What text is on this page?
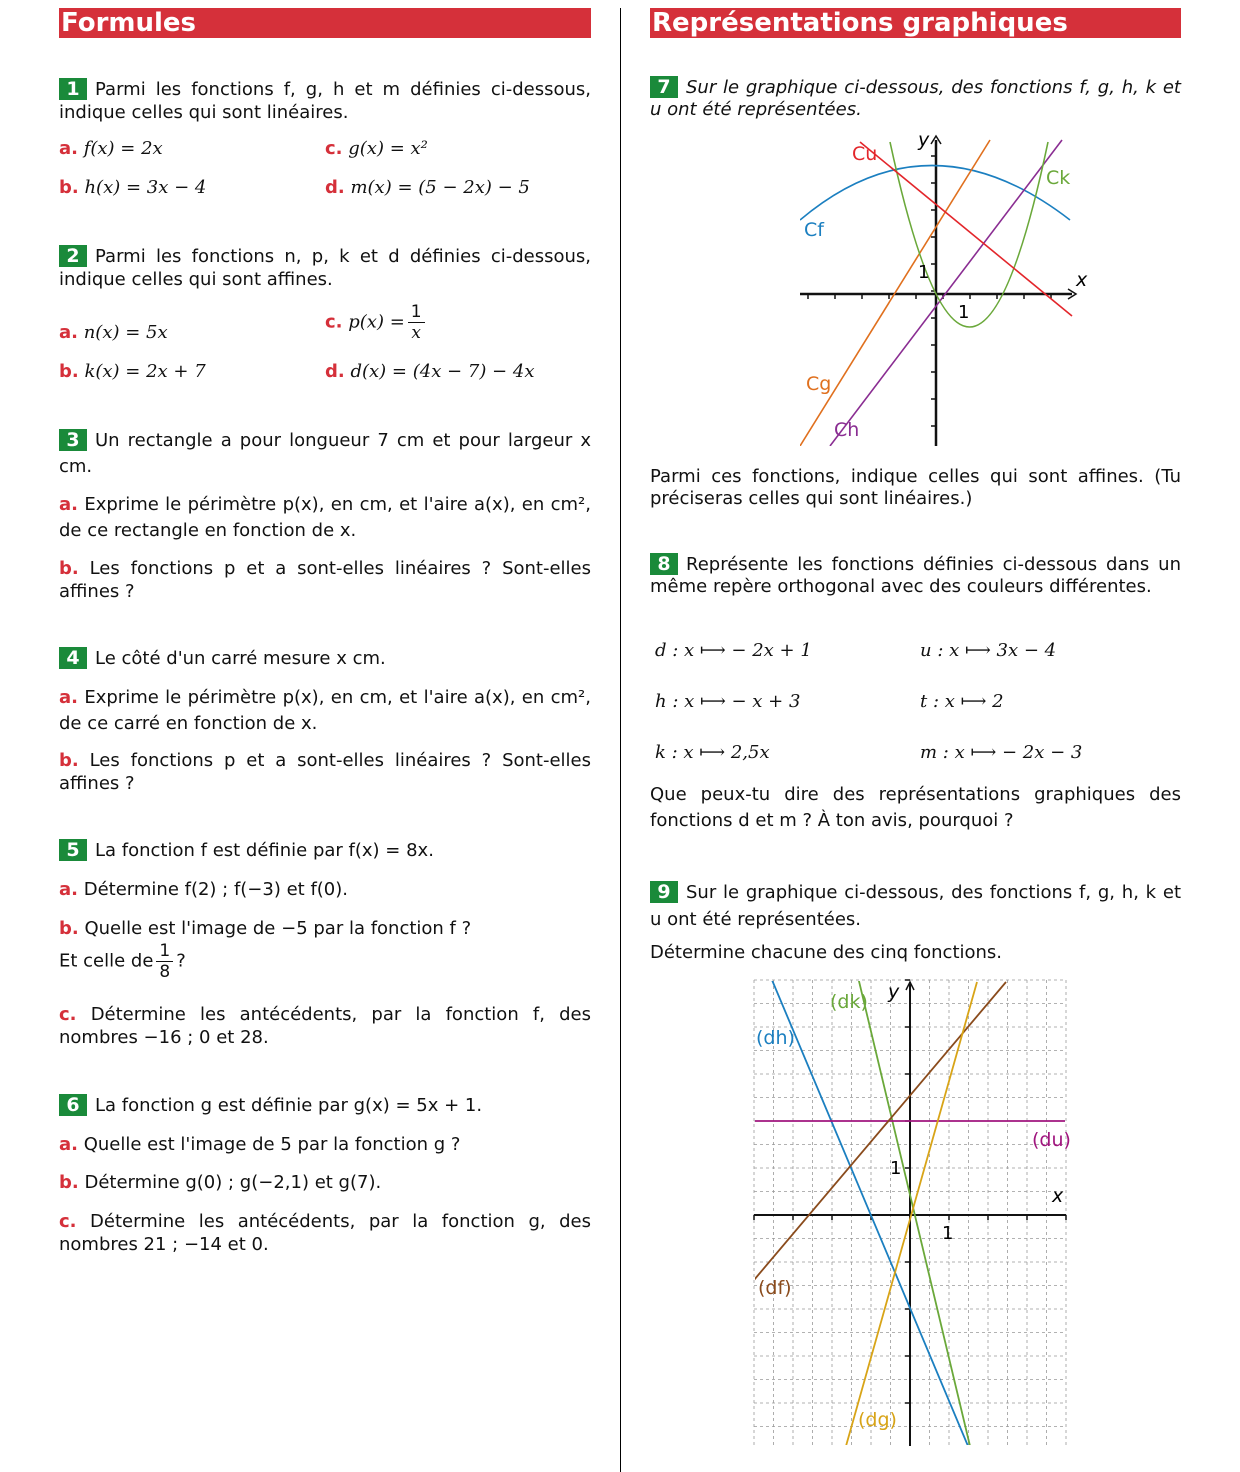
Formules	Représentations graphiques
1 Parmi les fonctions f, g, h et m définies ci-dessous, indique celles qui sont linéaires.
a. f(x) = 2x	c. g(x) = x²
b. h(x) = 3x − 4	d. m(x) = (5 − 2x) − 5
2 Parmi les fonctions n, p, k et d définies ci-dessous, indique celles qui sont affines.
a. n(x) = 5x	c. $p(x) = \frac{1}{x}$
b. k(x) = 2x + 7	d. d(x) = (4x − 7) − 4x
3 Un rectangle a pour longueur 7 cm et pour largeur x cm.
a. Exprime le périmètre p(x), en cm, et l'aire a(x), en cm², de ce rectangle en fonction de x.
b. Les fonctions p et a sont-elles linéaires ? Sont-elles affines ?
4 Le côté d'un carré mesure x cm.
a. Exprime le périmètre p(x), en cm, et l'aire a(x), en cm², de ce carré en fonction de x.
b. Les fonctions p et a sont-elles linéaires ? Sont-elles affines ?
5 La fonction f est définie par f(x) = 8x.
a. Détermine f(2) ; f(−3) et f(0).
b. Quelle est l'image de −5 par la fonction f ?
Et celle de $\frac{1}{8}$ ?
c. Détermine les antécédents, par la fonction f, des nombres −16 ; 0 et 28.
6 La fonction g est définie par g(x) = 5x + 1.
a. Quelle est l'image de 5 par la fonction g ?
b. Détermine g(0) ; g(−2,1) et g(7).
c. Détermine les antécédents, par la fonction g, des nombres 21 ; −14 et 0.
7 Sur le graphique ci-dessous, des fonctions f, g, h, k et u ont été représentées.
x
y
1
1
Cu
Ck
Cf
Cg
Ch
Parmi ces fonctions, indique celles qui sont affines. (Tu préciseras celles qui sont linéaires.)
8 Représente les fonctions définies ci-dessous dans un même repère orthogonal avec des couleurs différentes.
d : x ⟼ − 2x + 1	u : x ⟼ 3x − 4
h : x ⟼ − x + 3	t : x ⟼ 2
k : x ⟼ 2,5x	m : x ⟼ − 2x − 3
Que peux-tu dire des représentations graphiques des fonctions d et m ? À ton avis, pourquoi ?
9 Sur le graphique ci-dessous, des fonctions f, g, h, k et u ont été représentées.
Détermine chacune des cinq fonctions.
x
y
1
1
(dk)
(dh)
(du)
(df)
(dg)
